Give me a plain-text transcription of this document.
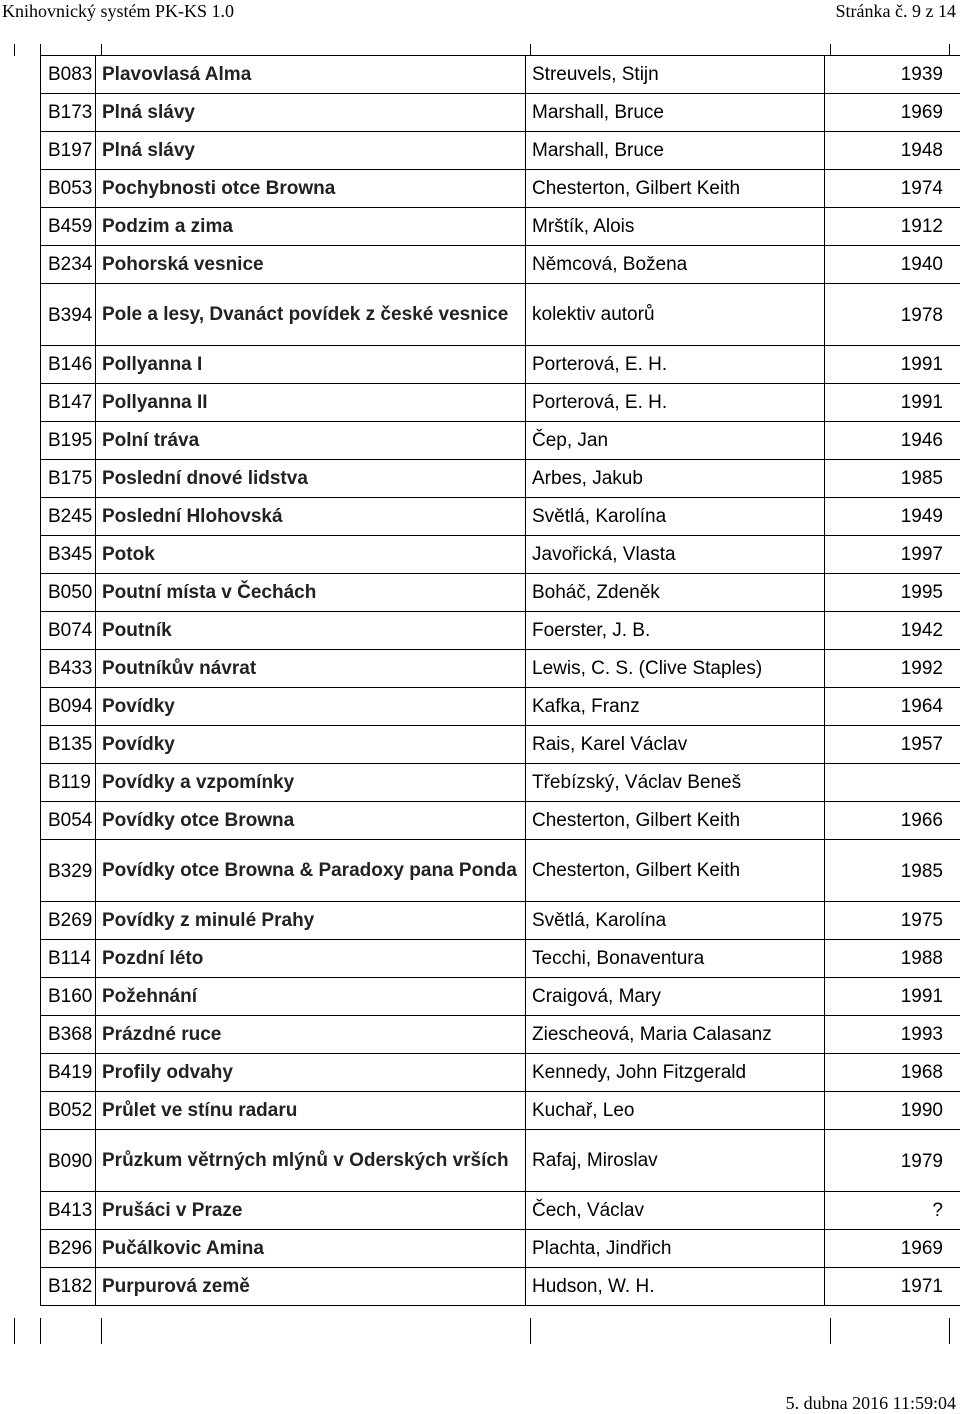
Knihovnický systém PK-KS 1.0	Stránka č. 9 z 14
B083	Plavovlasá Alma	Streuvels, Stijn	1939
B173	Plná slávy	Marshall, Bruce	1969
B197	Plná slávy	Marshall, Bruce	1948
B053	Pochybnosti otce Browna	Chesterton, Gilbert Keith	1974
B459	Podzim a zima	Mrštík, Alois	1912
B234	Pohorská vesnice	Němcová, Božena	1940
B394	Pole a lesy, Dvanáct povídek z české vesnice	kolektiv autorů	1978
B146	Pollyanna I	Porterová, E. H.	1991
B147	Pollyanna II	Porterová, E. H.	1991
B195	Polní tráva	Čep, Jan	1946
B175	Poslední dnové lidstva	Arbes, Jakub	1985
B245	Poslední Hlohovská	Světlá, Karolína	1949
B345	Potok	Javořická, Vlasta	1997
B050	Poutní místa v Čechách	Boháč, Zdeněk	1995
B074	Poutník	Foerster, J. B.	1942
B433	Poutníkův návrat	Lewis, C. S. (Clive Staples)	1992
B094	Povídky	Kafka, Franz	1964
B135	Povídky	Rais, Karel Václav	1957
B119	Povídky a vzpomínky	Třebízský, Václav Beneš	
B054	Povídky otce Browna	Chesterton, Gilbert Keith	1966
B329	Povídky otce Browna & Paradoxy pana Ponda	Chesterton, Gilbert Keith	1985
B269	Povídky z minulé Prahy	Světlá, Karolína	1975
B114	Pozdní léto	Tecchi, Bonaventura	1988
B160	Požehnání	Craigová, Mary	1991
B368	Prázdné ruce	Ziescheová, Maria Calasanz	1993
B419	Profily odvahy	Kennedy, John Fitzgerald	1968
B052	Průlet ve stínu radaru	Kuchař, Leo	1990
B090	Průzkum větrných mlýnů v Oderských vrších	Rafaj, Miroslav	1979
B413	Prušáci v Praze	Čech, Václav	?
B296	Pučálkovic Amina	Plachta, Jindřich	1969
B182	Purpurová země	Hudson, W. H.	1971
5. dubna 2016 11:59:04
